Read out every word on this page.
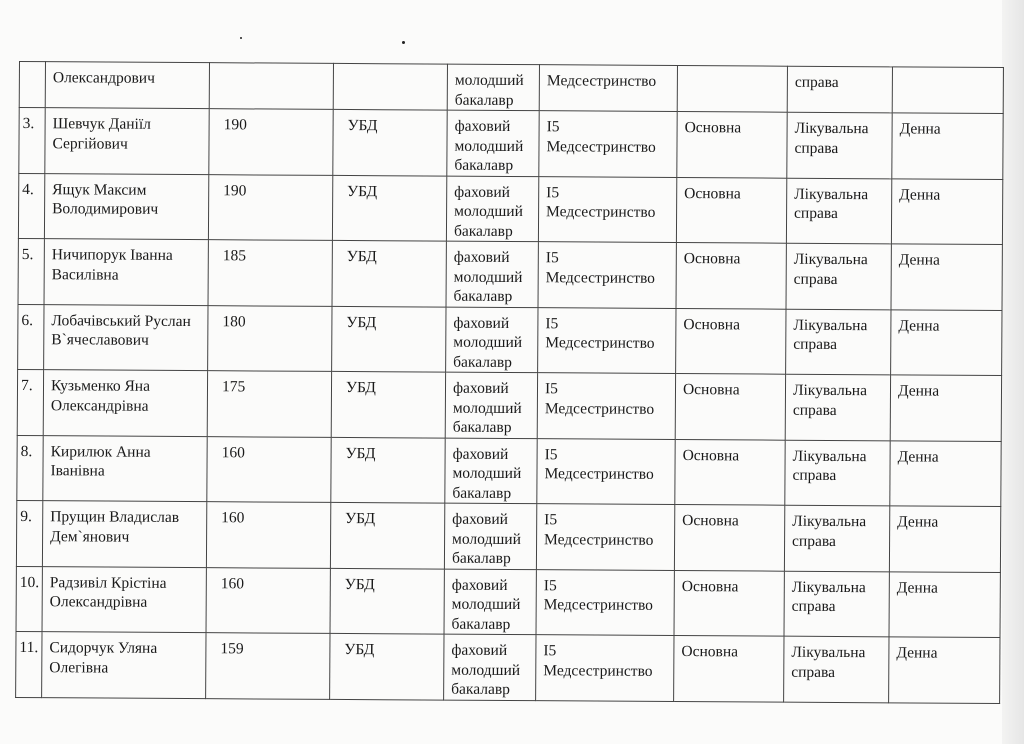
	Олександрович			молодший бакалавр	Медсестринство		справа	
3.	Шевчук Данiїл Сергiйович	190	УБД	фаховий молодший бакалавр	I5 Медсестринство	Основна	Лiкувальна справа	Денна
4.	Ящук Максим Володимирович	190	УБД	фаховий молодший бакалавр	I5 Медсестринство	Основна	Лiкувальна справа	Денна
5.	Ничипорук Iванна Василiвна	185	УБД	фаховий молодший бакалавр	I5 Медсестринство	Основна	Лiкувальна справа	Денна
6.	Лобачiвський Руслан В`ячеславович	180	УБД	фаховий молодший бакалавр	I5 Медсестринство	Основна	Лiкувальна справа	Денна
7.	Кузьменко Яна Олександрiвна	175	УБД	фаховий молодший бакалавр	I5 Медсестринство	Основна	Лiкувальна справа	Денна
8.	Кирилюк Анна Iванiвна	160	УБД	фаховий молодший бакалавр	I5 Медсестринство	Основна	Лiкувальна справа	Денна
9.	Прущин Владислав Дем`янович	160	УБД	фаховий молодший бакалавр	I5 Медсестринство	Основна	Лiкувальна справа	Денна
10.	Радзивiл Крiстiна Олександрiвна	160	УБД	фаховий молодший бакалавр	I5 Медсестринство	Основна	Лiкувальна справа	Денна
11.	Сидорчук Уляна Олегiвна	159	УБД	фаховий молодший бакалавр	I5 Медсестринство	Основна	Лiкувальна справа	Денна
